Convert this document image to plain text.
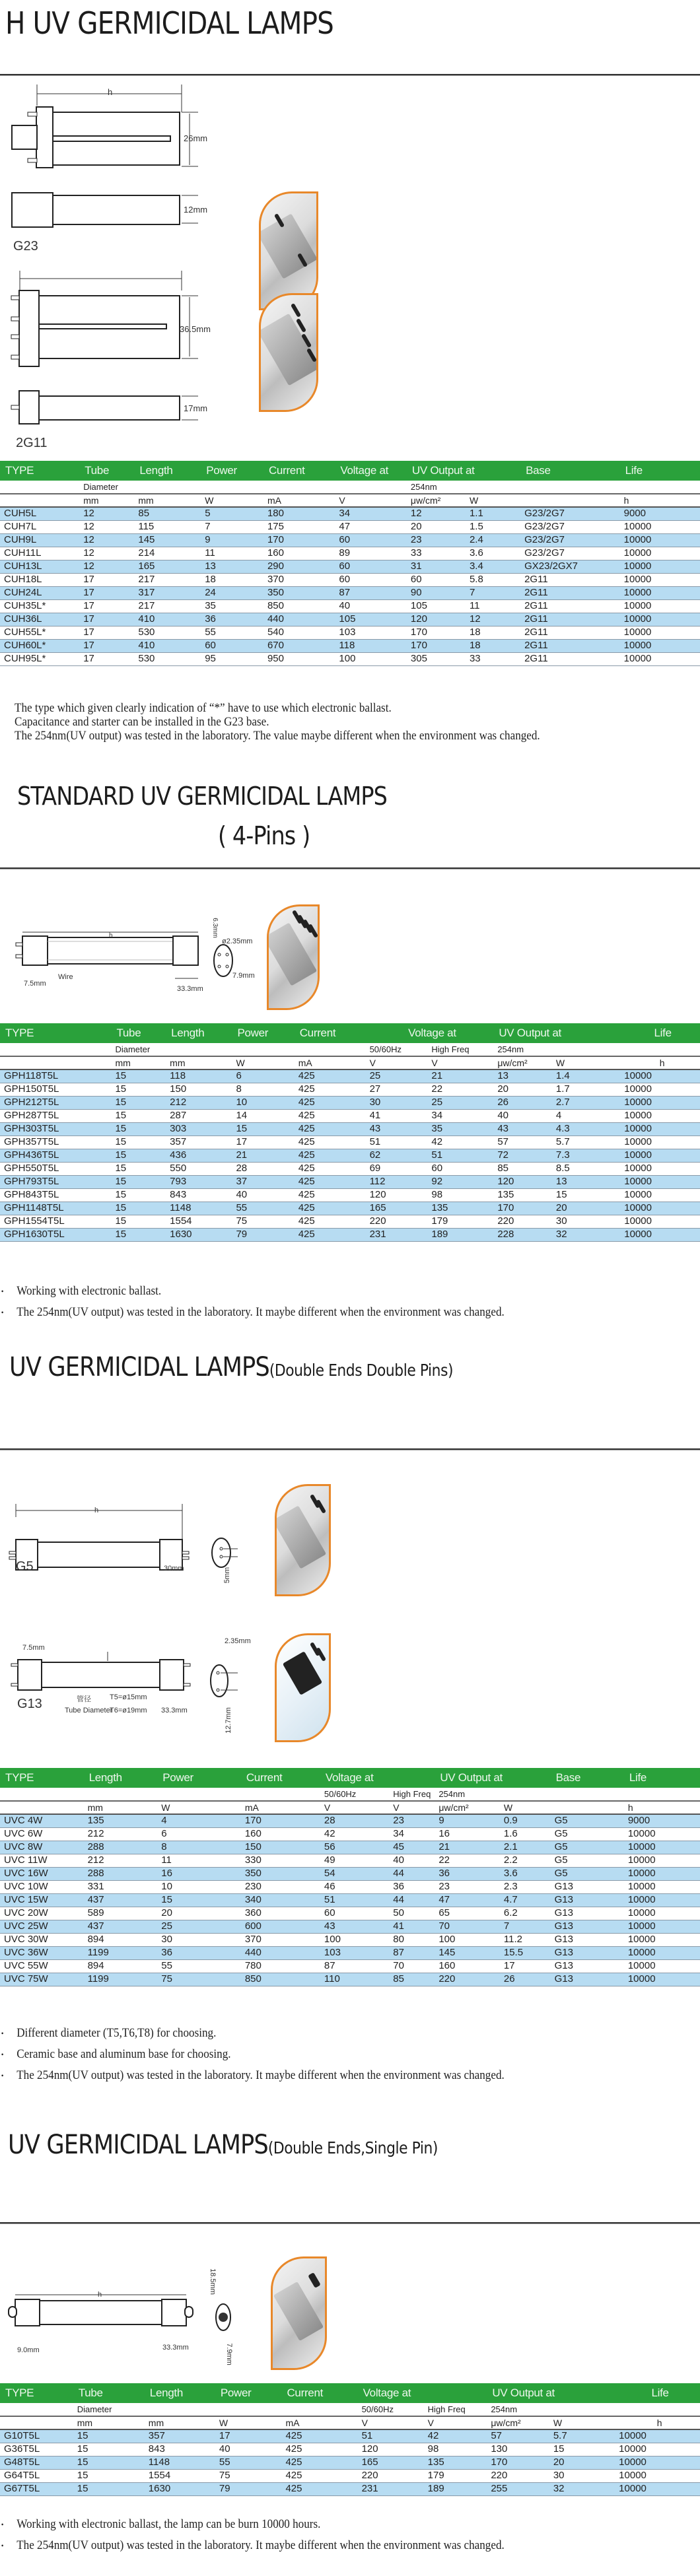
H UV GERMICIDAL LAMPS
h
26mm
12mm
G23
36.5mm
17mm
2G11
TYPE	Tube	Length	Power	Current	Voltage at	UV Output at		Base	Life
	Diameter					254nm			
	mm	mm	W	mA	V	μw/cm²	W		h
CUH5L	12	85	5	180	34	12	1.1	G23/2G7	9000
CUH7L	12	115	7	175	47	20	1.5	G23/2G7	10000
CUH9L	12	145	9	170	60	23	2.4	G23/2G7	10000
CUH11L	12	214	11	160	89	33	3.6	G23/2G7	10000
CUH13L	12	165	13	290	60	31	3.4	GX23/2GX7	10000
CUH18L	17	217	18	370	60	60	5.8	2G11	10000
CUH24L	17	317	24	350	87	90	7	2G11	10000
CUH35L*	17	217	35	850	40	105	11	2G11	10000
CUH36L	17	410	36	440	105	120	12	2G11	10000
CUH55L*	17	530	55	540	103	170	18	2G11	10000
CUH60L*	17	410	60	670	118	170	18	2G11	10000
CUH95L*	17	530	95	950	100	305	33	2G11	10000

The type which given clearly indication of “*” have to use which electronic ballast.

Capacitance and starter can be installed in the G23 base.

The 254nm(UV output) was tested in the laboratory. The value maybe different when the environment was changed.

STANDARD UV GERMICIDAL LAMPS
( 4-Pins )
h
Wire
7.5mm
33.3mm
6.3mm
ø2.35mm
7.9mm
TYPE	Tube	Length	Power	Current	Voltage at		UV Output at		Life
	Diameter				50/60Hz	High Freq	254nm		
	mm	mm	W	mA	V	V	μw/cm²	W	h
GPH118T5L	15	118	6	425	25	21	13	1.4	10000
GPH150T5L	15	150	8	425	27	22	20	1.7	10000
GPH212T5L	15	212	10	425	30	25	26	2.7	10000
GPH287T5L	15	287	14	425	41	34	40	4	10000
GPH303T5L	15	303	15	425	43	35	43	4.3	10000
GPH357T5L	15	357	17	425	51	42	57	5.7	10000
GPH436T5L	15	436	21	425	62	51	72	7.3	10000
GPH550T5L	15	550	28	425	69	60	85	8.5	10000
GPH793T5L	15	793	37	425	112	92	120	13	10000
GPH843T5L	15	843	40	425	120	98	135	15	10000
GPH1148T5L	15	1148	55	425	165	135	170	20	10000
GPH1554T5L	15	1554	75	425	220	179	220	30	10000
GPH1630T5L	15	1630	79	425	231	189	228	32	10000
• Working with electronic ballast.
• The 254nm(UV output) was tested in the laboratory. It maybe different when the environment was changed.
UV GERMICIDAL LAMPS(Double Ends Double Pins)
G5
h
30mm	5mm
G13
7.5mm
管径
Tube Diameter
T5=ø15mm
T6=ø19mm 33.3mm
2.35mm
12.7mm
TYPE	Length	Power	Current	Voltage at		UV Output at		Base	Life
				50/60Hz	High Freq	254nm			
	mm	W	mA	V	V	μw/cm²	W		h
UVC 4W	135	4	170	28	23	9	0.9	G5	9000
UVC 6W	212	6	160	42	34	16	1.6	G5	10000
UVC 8W	288	8	150	56	45	21	2.1	G5	10000
UVC 11W	212	11	330	49	40	22	2.2	G5	10000
UVC 16W	288	16	350	54	44	36	3.6	G5	10000
UVC 10W	331	10	230	46	36	23	2.3	G13	10000
UVC 15W	437	15	340	51	44	47	4.7	G13	10000
UVC 20W	589	20	360	60	50	65	6.2	G13	10000
UVC 25W	437	25	600	43	41	70	7	G13	10000
UVC 30W	894	30	370	100	80	100	11.2	G13	10000
UVC 36W	1199	36	440	103	87	145	15.5	G13	10000
UVC 55W	894	55	780	87	70	160	17	G13	10000
UVC 75W	1199	75	850	110	85	220	26	G13	10000
• Different diameter (T5,T6,T8) for choosing.
• Ceramic base and aluminum base for choosing.
• The 254nm(UV output) was tested in the laboratory. It maybe different when the environment was changed.
UV GERMICIDAL LAMPS(Double Ends,Single Pin)
h
9.0mm	33.3mm
18.5mm
7.9mm
TYPE	Tube	Length	Power	Current	Voltage at		UV Output at		Life
	Diameter				50/60Hz	High Freq	254nm		
	mm	mm	W	mA	V	V	μw/cm²	W	h
G10T5L	15	357	17	425	51	42	57	5.7	10000
G36T5L	15	843	40	425	120	98	130	15	10000
G48T5L	15	1148	55	425	165	135	170	20	10000
G64T5L	15	1554	75	425	220	179	220	30	10000
G67T5L	15	1630	79	425	231	189	255	32	10000
• Working with electronic ballast, the lamp can be burn 10000 hours.
• The 254nm(UV output) was tested in the laboratory. It maybe different when the environment was changed.
